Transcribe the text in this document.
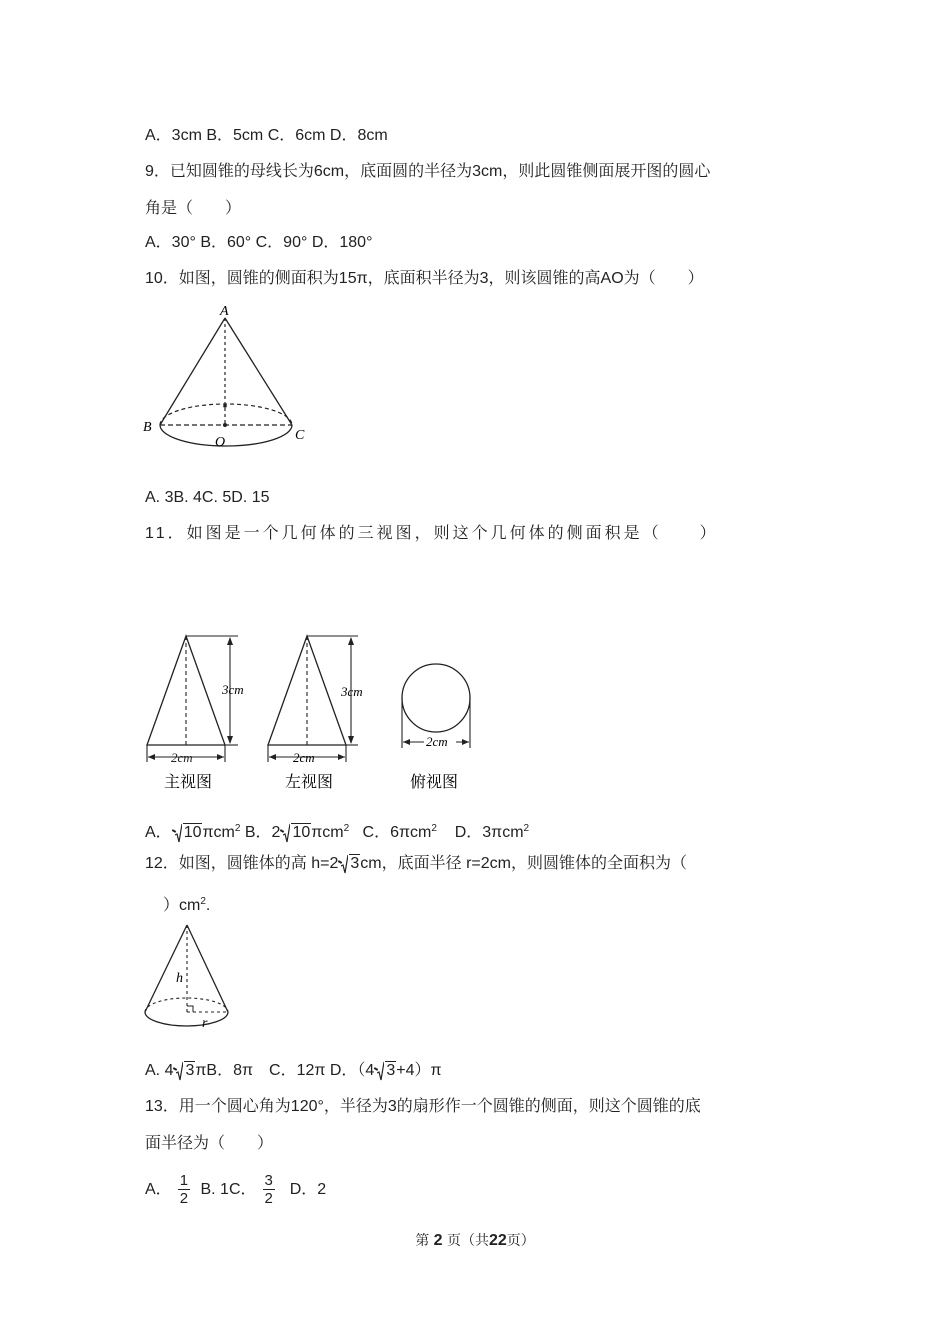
A．3cm B．5cm C．6cm D．8cm
9．已知圆锥的母线长为6cm，底面圆的半径为3cm，则此圆锥侧面展开图的圆心
角是（　　）
A．30° B．60° C．90° D．180°
10．如图，圆锥的侧面积为15π，底面积半径为3，则该圆锥的高AO为（　　）
A
B
C
O
A. 3B. 4C. 5D. 15
11．如图是一个几何体的三视图，则这个几何体的侧面积是（　　）
3cm
2cm
3cm
2cm
2cm
主视图	左视图	俯视图
A． 10πcm$^2$ B．2 10πcm$^2$ C．6πcm$^2$ D．3πcm$^2$
12．如图，圆锥体的高 h=2 3cm，底面半径 r=2cm，则圆锥体的全面积为（
）$cm^2$.
h
r
A. 4 3πB．8π　C．12π D．（4 3+4）π
13．用一个圆心角为120°，半径为3的扇形作一个圆锥的侧面，则这个圆锥的底
面半径为（　　）
A． $\frac{1}{2} B$. 1C． $\frac{3}{2}$ D．2
第 2 页（共22页）
